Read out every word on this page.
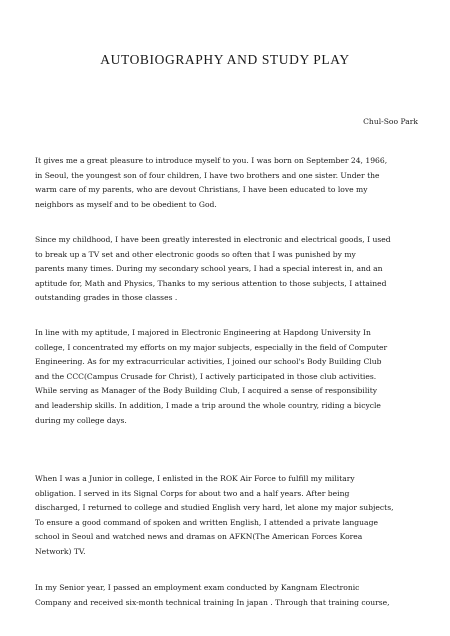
AUTOBIOGRAPHY AND STUDY PLAY

Chul-Soo Park

It gives me a great pleasure to introduce myself to you. I was born on September 24, 1966,
in Seoul, the youngest son of four children, I have two brothers and one sister. Under the
warm care of my parents, who are devout Christians, I have been educated to love my
neighbors as myself and to be obedient to God.

Since my childhood, I have been greatly interested in electronic and electrical goods, I used
to break up a TV set and other electronic goods so often that I was punished by my
parents many times. During my secondary school years, I had a special interest in, and an
aptitude for, Math and Physics, Thanks to my serious attention to those subjects, I attained
outstanding grades in those classes .

In line with my aptitude, I majored in Electronic Engineering at Hapdong University In
college, I concentrated my efforts on my major subjects, especially in the field of Computer
Engineering. As for my extracurricular activities, I joined our school's Body Building Club
and the CCC(Campus Crusade for Christ), I actively participated in those club activities.
While serving as Manager of the Body Building Club, I acquired a sense of responsibility
and leadership skills. In addition, I made a trip around the whole country, riding a bicycle
during my college days.

When I was a Junior in college, I enlisted in the ROK Air Force to fulfill my military
obligation. I served in its Signal Corps for about two and a half years. After being
discharged, I returned to college and studied English very hard, let alone my major subjects,
To ensure a good command of spoken and written English, I attended a private language
school in Seoul and watched news and dramas on AFKN(The American Forces Korea
Network) TV.

In my Senior year, I passed an employment exam conducted by Kangnam Electronic
Company and received six-month technical training In japan . Through that training course,
